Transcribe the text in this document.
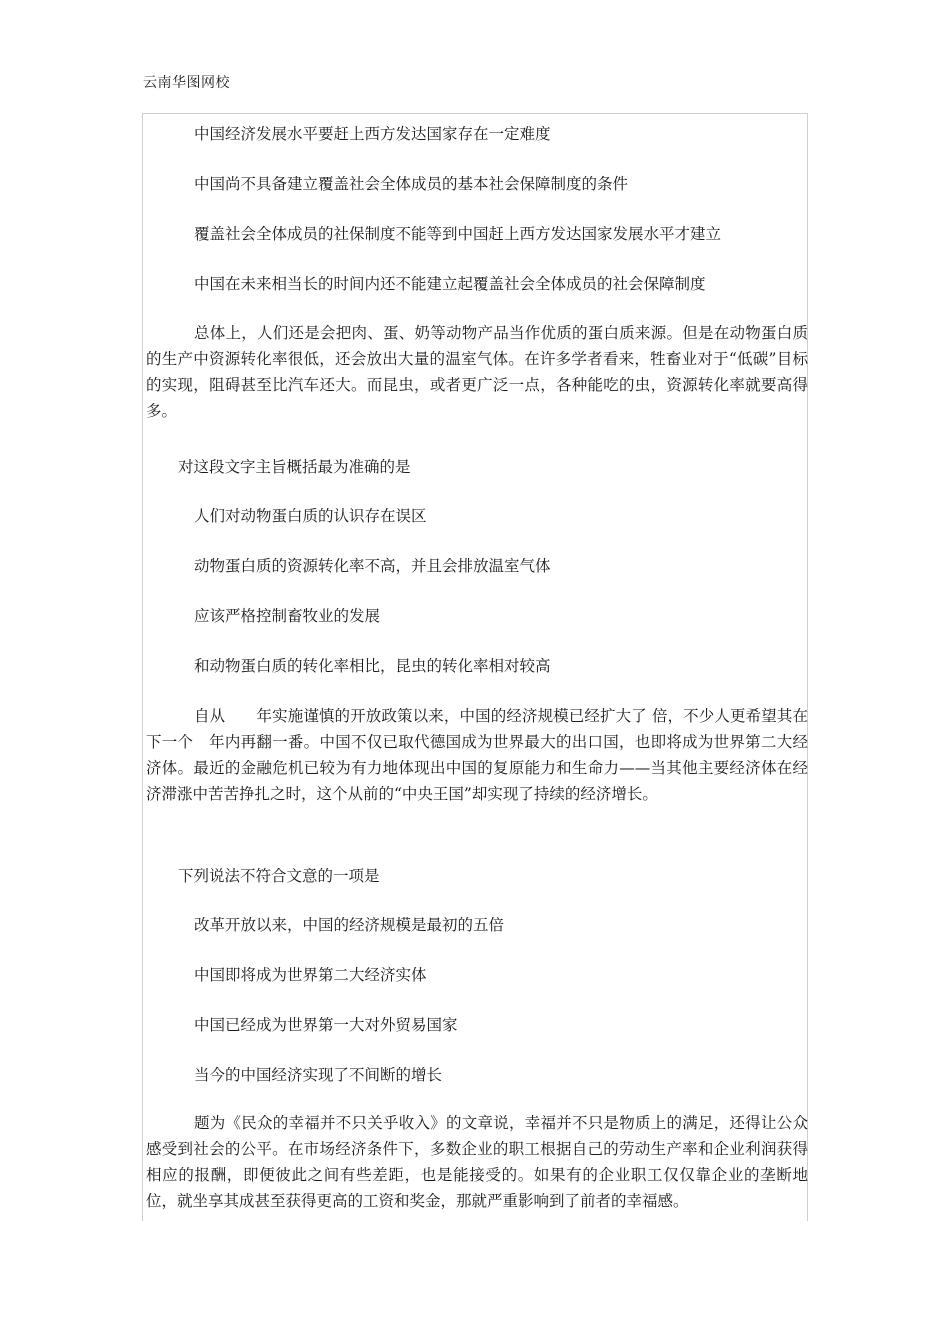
云南华图网校
中国经济发展水平要赶上西方发达国家存在一定难度
中国尚不具备建立覆盖社会全体成员的基本社会保障制度的条件
覆盖社会全体成员的社保制度不能等到中国赶上西方发达国家发展水平才建立
中国在未来相当长的时间内还不能建立起覆盖社会全体成员的社会保障制度
总体上，人们还是会把肉、蛋、奶等动物产品当作优质的蛋白质来源。但是在动物蛋白质的生产中资源转化率很低，还会放出大量的温室气体。在许多学者看来，牲畜业对于“低碳”目标的实现，阻碍甚至比汽车还大。而昆虫，或者更广泛一点，各种能吃的虫，资源转化率就要高得多。
对这段文字主旨概括最为准确的是
人们对动物蛋白质的认识存在误区
动物蛋白质的资源转化率不高，并且会排放温室气体
应该严格控制畜牧业的发展
和动物蛋白质的转化率相比，昆虫的转化率相对较高
自从　　年实施谨慎的开放政策以来，中国的经济规模已经扩大了 倍，不少人更希望其在下一个　年内再翻一番。中国不仅已取代德国成为世界最大的出口国，也即将成为世界第二大经济体。最近的金融危机已较为有力地体现出中国的复原能力和生命力——当其他主要经济体在经济滞涨中苦苦挣扎之时，这个从前的“中央王国”却实现了持续的经济增长。
下列说法不符合文意的一项是
改革开放以来，中国的经济规模是最初的五倍
中国即将成为世界第二大经济实体
中国已经成为世界第一大对外贸易国家
当今的中国经济实现了不间断的增长
题为《民众的幸福并不只关乎收入》的文章说，幸福并不只是物质上的满足，还得让公众感受到社会的公平。在市场经济条件下，多数企业的职工根据自己的劳动生产率和企业利润获得相应的报酬，即便彼此之间有些差距，也是能接受的。如果有的企业职工仅仅靠企业的垄断地位，就坐享其成甚至获得更高的工资和奖金，那就严重影响到了前者的幸福感。
